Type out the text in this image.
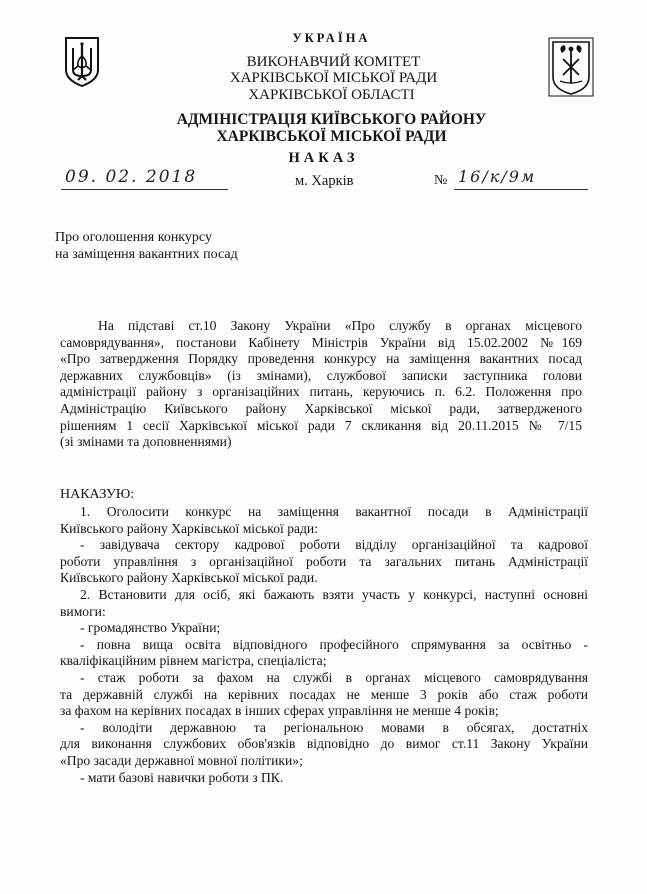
УКРАЇНА
ВИКОНАВЧИЙ КОМІТЕТ
ХАРКІВСЬКОЇ МІСЬКОЇ РАДИ
ХАРКІВСЬКОЇ ОБЛАСТІ
АДМІНІСТРАЦІЯ КИЇВСЬКОГО РАЙОНУ
ХАРКІВСЬКОЇ МІСЬКОЇ РАДИ
НАКАЗ
09. 02. 2018	м. Харків	№ 16/к/9м
Про оголошення конкурсу
на заміщення вакантних посад
На підставі ст.10 Закону України «Про службу в органах місцевого
самоврядування», постанови Кабінету Міністрів України від 15.02.2002 №169
«Про затвердження Порядку проведення конкурсу на заміщення вакантних посад
державних службовців» (із змінами), службової записки заступника голови
адміністрації району з організаційних питань, керуючись п. 6.2. Положення про
Адміністрацію Київського району Харківської міської ради, затвердженого
рішенням 1 сесії Харківської міської ради 7 скликання від 20.11.2015 № 7/15
(зі змінами та доповненнями)
НАКАЗУЮ:
1. Оголосити конкурс на заміщення вакантної посади в Адміністрації
Київського району Харківської міської ради:
- завідувача сектору кадрової роботи відділу організаційної та кадрової
роботи управління з організаційної роботи та загальних питань Адміністрації
Київського району Харківської міської ради.
2. Встановити для осіб, які бажають взяти участь у конкурсі, наступні основні
вимоги:
- громадянство України;
- повна вища освіта відповідного професійного спрямування за освітньо -
кваліфікаційним рівнем магістра, спеціаліста;
- стаж роботи за фахом на службі в органах місцевого самоврядування
та державній службі на керівних посадах не менше 3 років або стаж роботи
за фахом на керівних посадах в інших сферах управління не менше 4 років;
- володіти державною та регіональною мовами в обсягах, достатніх
для виконання службових обов'язків відповідно до вимог ст.11 Закону України
«Про засади державної мовної політики»;
- мати базові навички роботи з ПК.
